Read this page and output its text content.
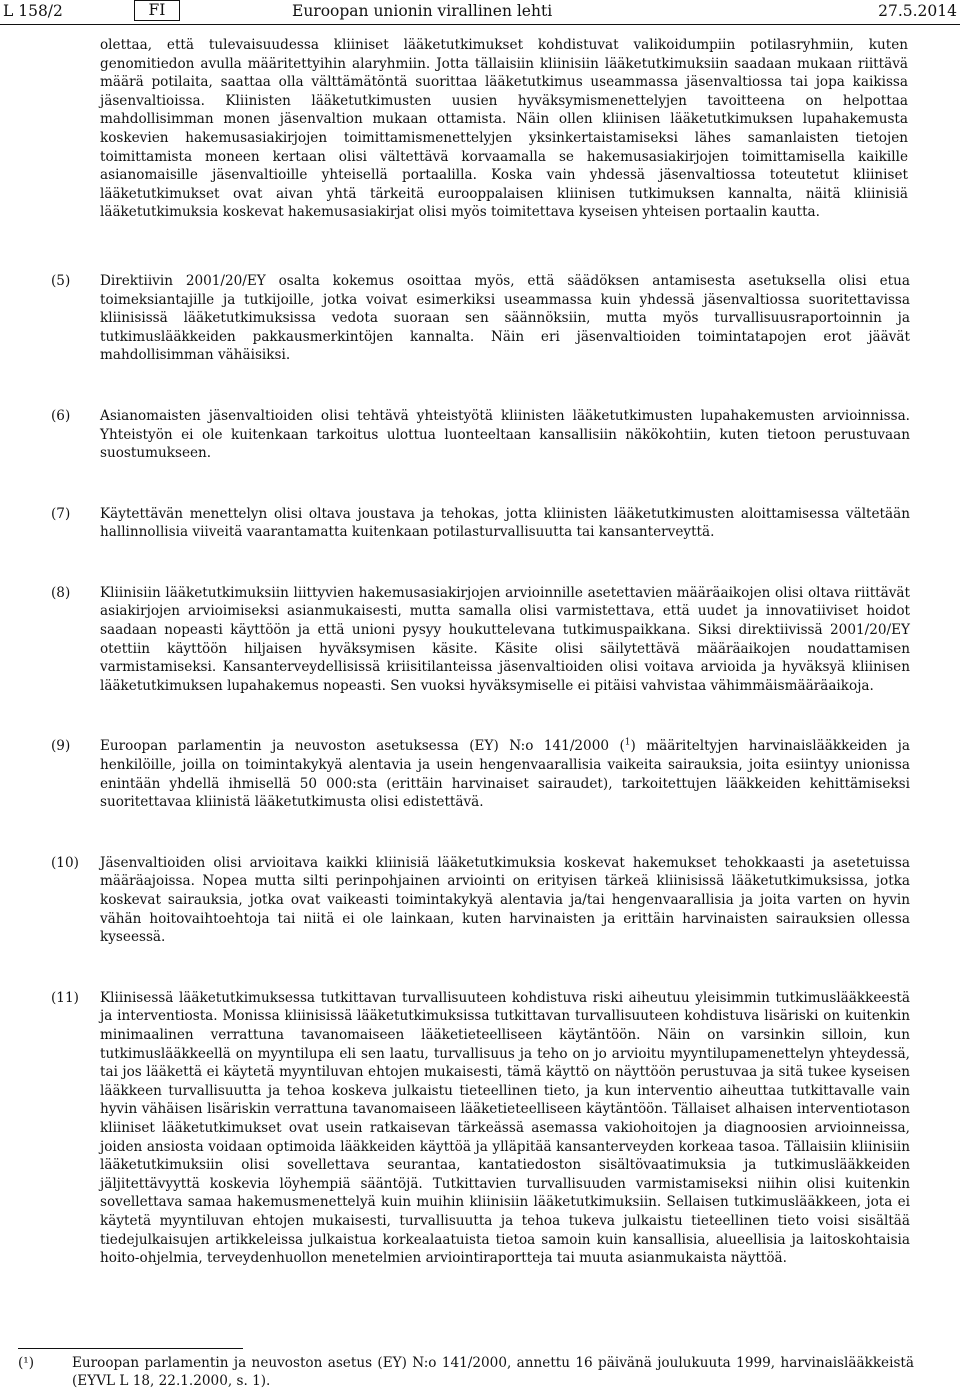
L 158/2	FI	Euroopan unionin virallinen lehti	27.5.2014

olettaa, että tulevaisuudessa kliiniset lääketutkimukset kohdistuvat valikoidumpiin potilasryhmiin, kuten genomitiedon avulla määritettyihin alaryhmiin. Jotta tällaisiin kliinisiin lääketutkimuksiin saadaan mukaan riittävä määrä potilaita, saattaa olla välttämätöntä suorittaa lääketutkimus useammassa jäsenvaltiossa tai jopa kaikissa jäsenvaltioissa. Kliinisten lääketutkimusten uusien hyväksymismenettelyjen tavoitteena on helpottaa mahdollisimman monen jäsenvaltion mukaan ottamista. Näin ollen kliinisen lääketutkimuksen lupahakemusta koskevien hakemusasiakirjojen toimittamismenettelyjen yksinkertaistamiseksi lähes samanlaisten tietojen toimittamista moneen kertaan olisi vältettävä korvaamalla se hakemusasiakirjojen toimittamisella kaikille asianomaisille jäsenvaltioille yhteisellä portaalilla. Koska vain yhdessä jäsenvaltiossa toteutetut kliiniset lääketutkimukset ovat aivan yhtä tärkeitä eurooppalaisen kliinisen tutkimuksen kannalta, näitä kliinisiä lääketutkimuksia koskevat hakemusasiakirjat olisi myös toimitettava kyseisen yhteisen portaalin kautta.

(5) Direktiivin 2001/20/EY osalta kokemus osoittaa myös, että säädöksen antamisesta asetuksella olisi etua toimeksiantajille ja tutkijoille, jotka voivat esimerkiksi useammassa kuin yhdessä jäsenvaltiossa suoritettavissa kliinisissä lääketutkimuksissa vedota suoraan sen säännöksiin, mutta myös turvallisuusraportoinnin ja tutkimuslääkkeiden pakkausmerkintöjen kannalta. Näin eri jäsenvaltioiden toimintatapojen erot jäävät mahdollisimman vähäisiksi.

(6) Asianomaisten jäsenvaltioiden olisi tehtävä yhteistyötä kliinisten lääketutkimusten lupahakemusten arvioinnissa. Yhteistyön ei ole kuitenkaan tarkoitus ulottua luonteeltaan kansallisiin näkökohtiin, kuten tietoon perustuvaan suostumukseen.

(7) Käytettävän menettelyn olisi oltava joustava ja tehokas, jotta kliinisten lääketutkimusten aloittamisessa vältetään hallinnollisia viiveitä vaarantamatta kuitenkaan potilasturvallisuutta tai kansanterveyttä.

(8) Kliinisiin lääketutkimuksiin liittyvien hakemusasiakirjojen arvioinnille asetettavien määräaikojen olisi oltava riittävät asiakirjojen arvioimiseksi asianmukaisesti, mutta samalla olisi varmistettava, että uudet ja innovatiiviset hoidot saadaan nopeasti käyttöön ja että unioni pysyy houkuttelevana tutkimuspaikkana. Siksi direktiivissä 2001/20/EY otettiin käyttöön hiljaisen hyväksymisen käsite. Käsite olisi säilytettävä määräaikojen noudattamisen varmistamiseksi. Kansanterveydellisissä kriisitilanteissa jäsenvaltioiden olisi voitava arvioida ja hyväksyä kliinisen lääketutkimuksen lupahakemus nopeasti. Sen vuoksi hyväksymiselle ei pitäisi vahvistaa vähimmäismääräaikoja.

(9) Euroopan parlamentin ja neuvoston asetuksessa (EY) N:o 141/2000 ($^1$) määriteltyjen harvinaislääkkeiden ja henkilöille, joilla on toimintakykyä alentavia ja usein hengenvaarallisia vaikeita sairauksia, joita esiintyy unionissa enintään yhdellä ihmisellä 50 000:sta (erittäin harvinaiset sairaudet), tarkoitettujen lääkkeiden kehittämiseksi suoritettavaa kliinistä lääketutkimusta olisi edistettävä.

(10) Jäsenvaltioiden olisi arvioitava kaikki kliinisiä lääketutkimuksia koskevat hakemukset tehokkaasti ja asetetuissa määräajoissa. Nopea mutta silti perinpohjainen arviointi on erityisen tärkeä kliinisissä lääketutkimuksissa, jotka koskevat sairauksia, jotka ovat vaikeasti toimintakykyä alentavia ja/tai hengenvaarallisia ja joita varten on hyvin vähän hoitovaihtoehtoja tai niitä ei ole lainkaan, kuten harvinaisten ja erittäin harvinaisten sairauksien ollessa kyseessä.

(11) Kliinisessä lääketutkimuksessa tutkittavan turvallisuuteen kohdistuva riski aiheutuu yleisimmin tutkimuslääkkeestä ja interventiosta. Monissa kliinisissä lääketutkimuksissa tutkittavan turvallisuuteen kohdistuva lisäriski on kuitenkin minimaalinen verrattuna tavanomaiseen lääketieteelliseen käytäntöön. Näin on varsinkin silloin, kun tutkimuslääkkeellä on myyntilupa eli sen laatu, turvallisuus ja teho on jo arvioitu myyntilupamenettelyn yhteydessä, tai jos lääkettä ei käytetä myyntiluvan ehtojen mukaisesti, tämä käyttö on näyttöön perustuvaa ja sitä tukee kyseisen lääkkeen turvallisuutta ja tehoa koskeva julkaistu tieteellinen tieto, ja kun interventio aiheuttaa tutkittavalle vain hyvin vähäisen lisäriskin verrattuna tavanomaiseen lääketieteelliseen käytäntöön. Tällaiset alhaisen interventiotason kliiniset lääketutkimukset ovat usein ratkaisevan tärkeässä asemassa vakiohoitojen ja diagnoosien arvioinneissa, joiden ansiosta voidaan optimoida lääkkeiden käyttöä ja ylläpitää kansanterveyden korkeaa tasoa. Tällaisiin kliinisiin lääketutkimuksiin olisi sovellettava seurantaa, kantatiedoston sisältövaatimuksia ja tutkimuslääkkeiden jäljitettävyyttä koskevia löyhempiä sääntöjä. Tutkittavien turvallisuuden varmistamiseksi niihin olisi kuitenkin sovellettava samaa hakemusmenettelyä kuin muihin kliinisiin lääketutkimuksiin. Sellaisen tutkimuslääkkeen, jota ei käytetä myyntiluvan ehtojen mukaisesti, turvallisuutta ja tehoa tukeva julkaistu tieteellinen tieto voisi sisältää tiedejulkaisujen artikkeleissa julkaistua korkealaatuista tietoa samoin kuin kansallisia, alueellisia ja laitoskohtaisia hoito-ohjelmia, terveydenhuollon menetelmien arviointiraportteja tai muuta asianmukaista näyttöä.

(¹)	Euroopan parlamentin ja neuvoston asetus (EY) N:o 141/2000, annettu 16 päivänä joulukuuta 1999, harvinaislääkkeistä (EYVL L 18, 22.1.2000, s. 1).
